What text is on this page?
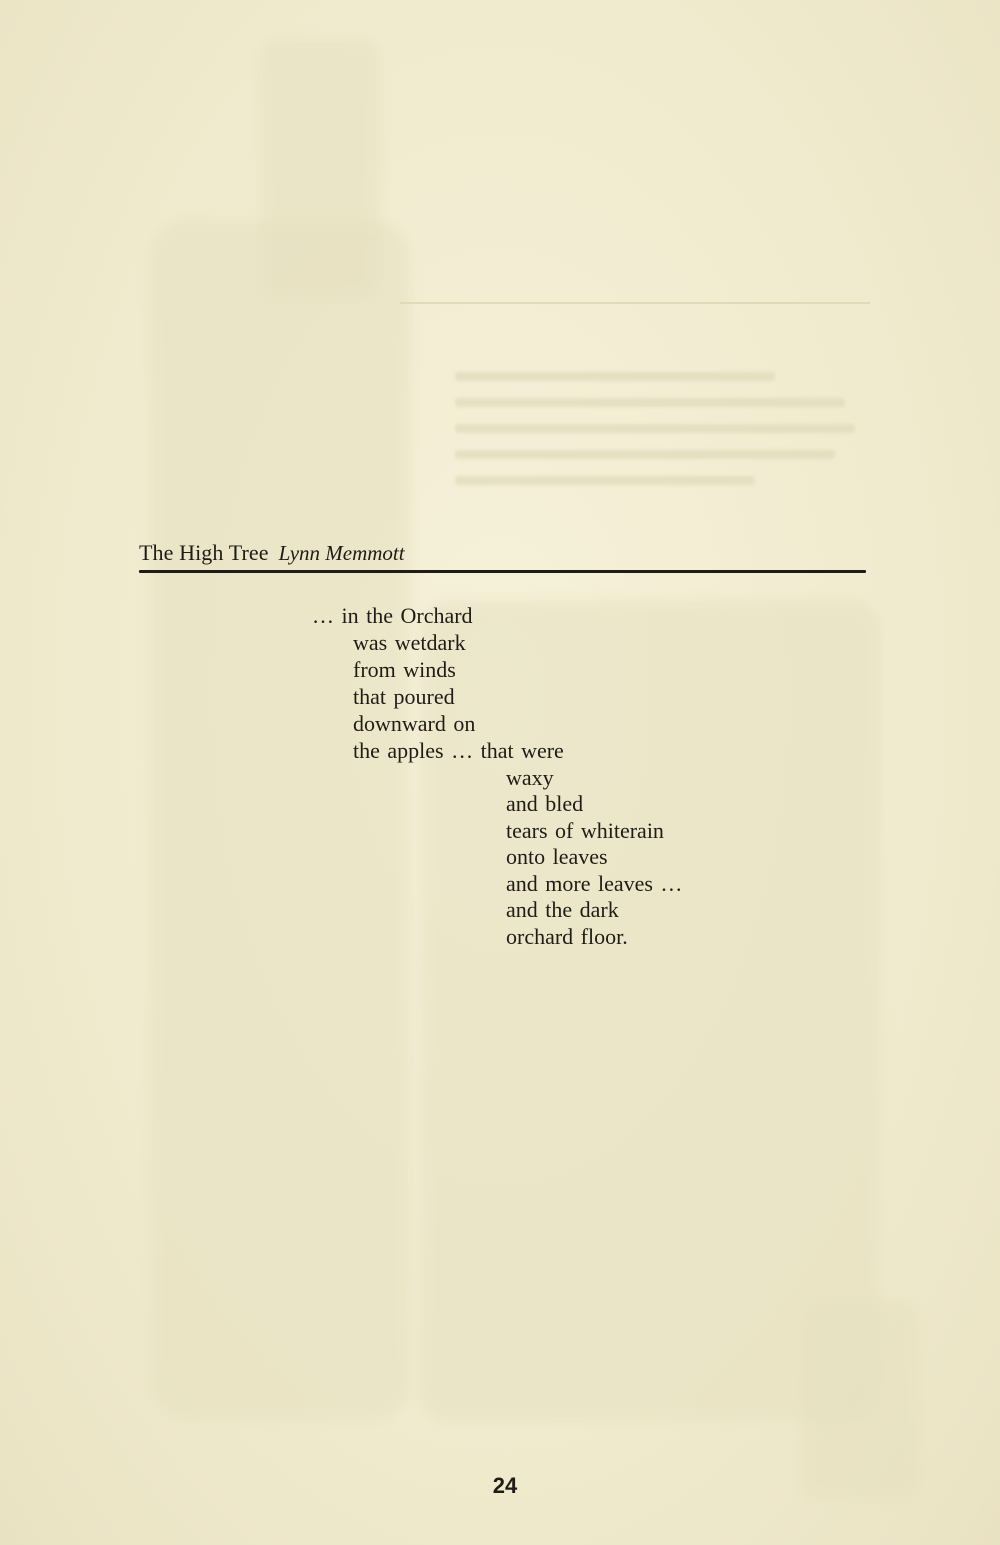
The High Tree Lynn Memmott
… in the Orchard
was wetdark
from winds
that poured
downward on
the apples … that were
waxy
and bled
tears of whiterain
onto leaves
and more leaves …
and the dark
orchard floor.
24
